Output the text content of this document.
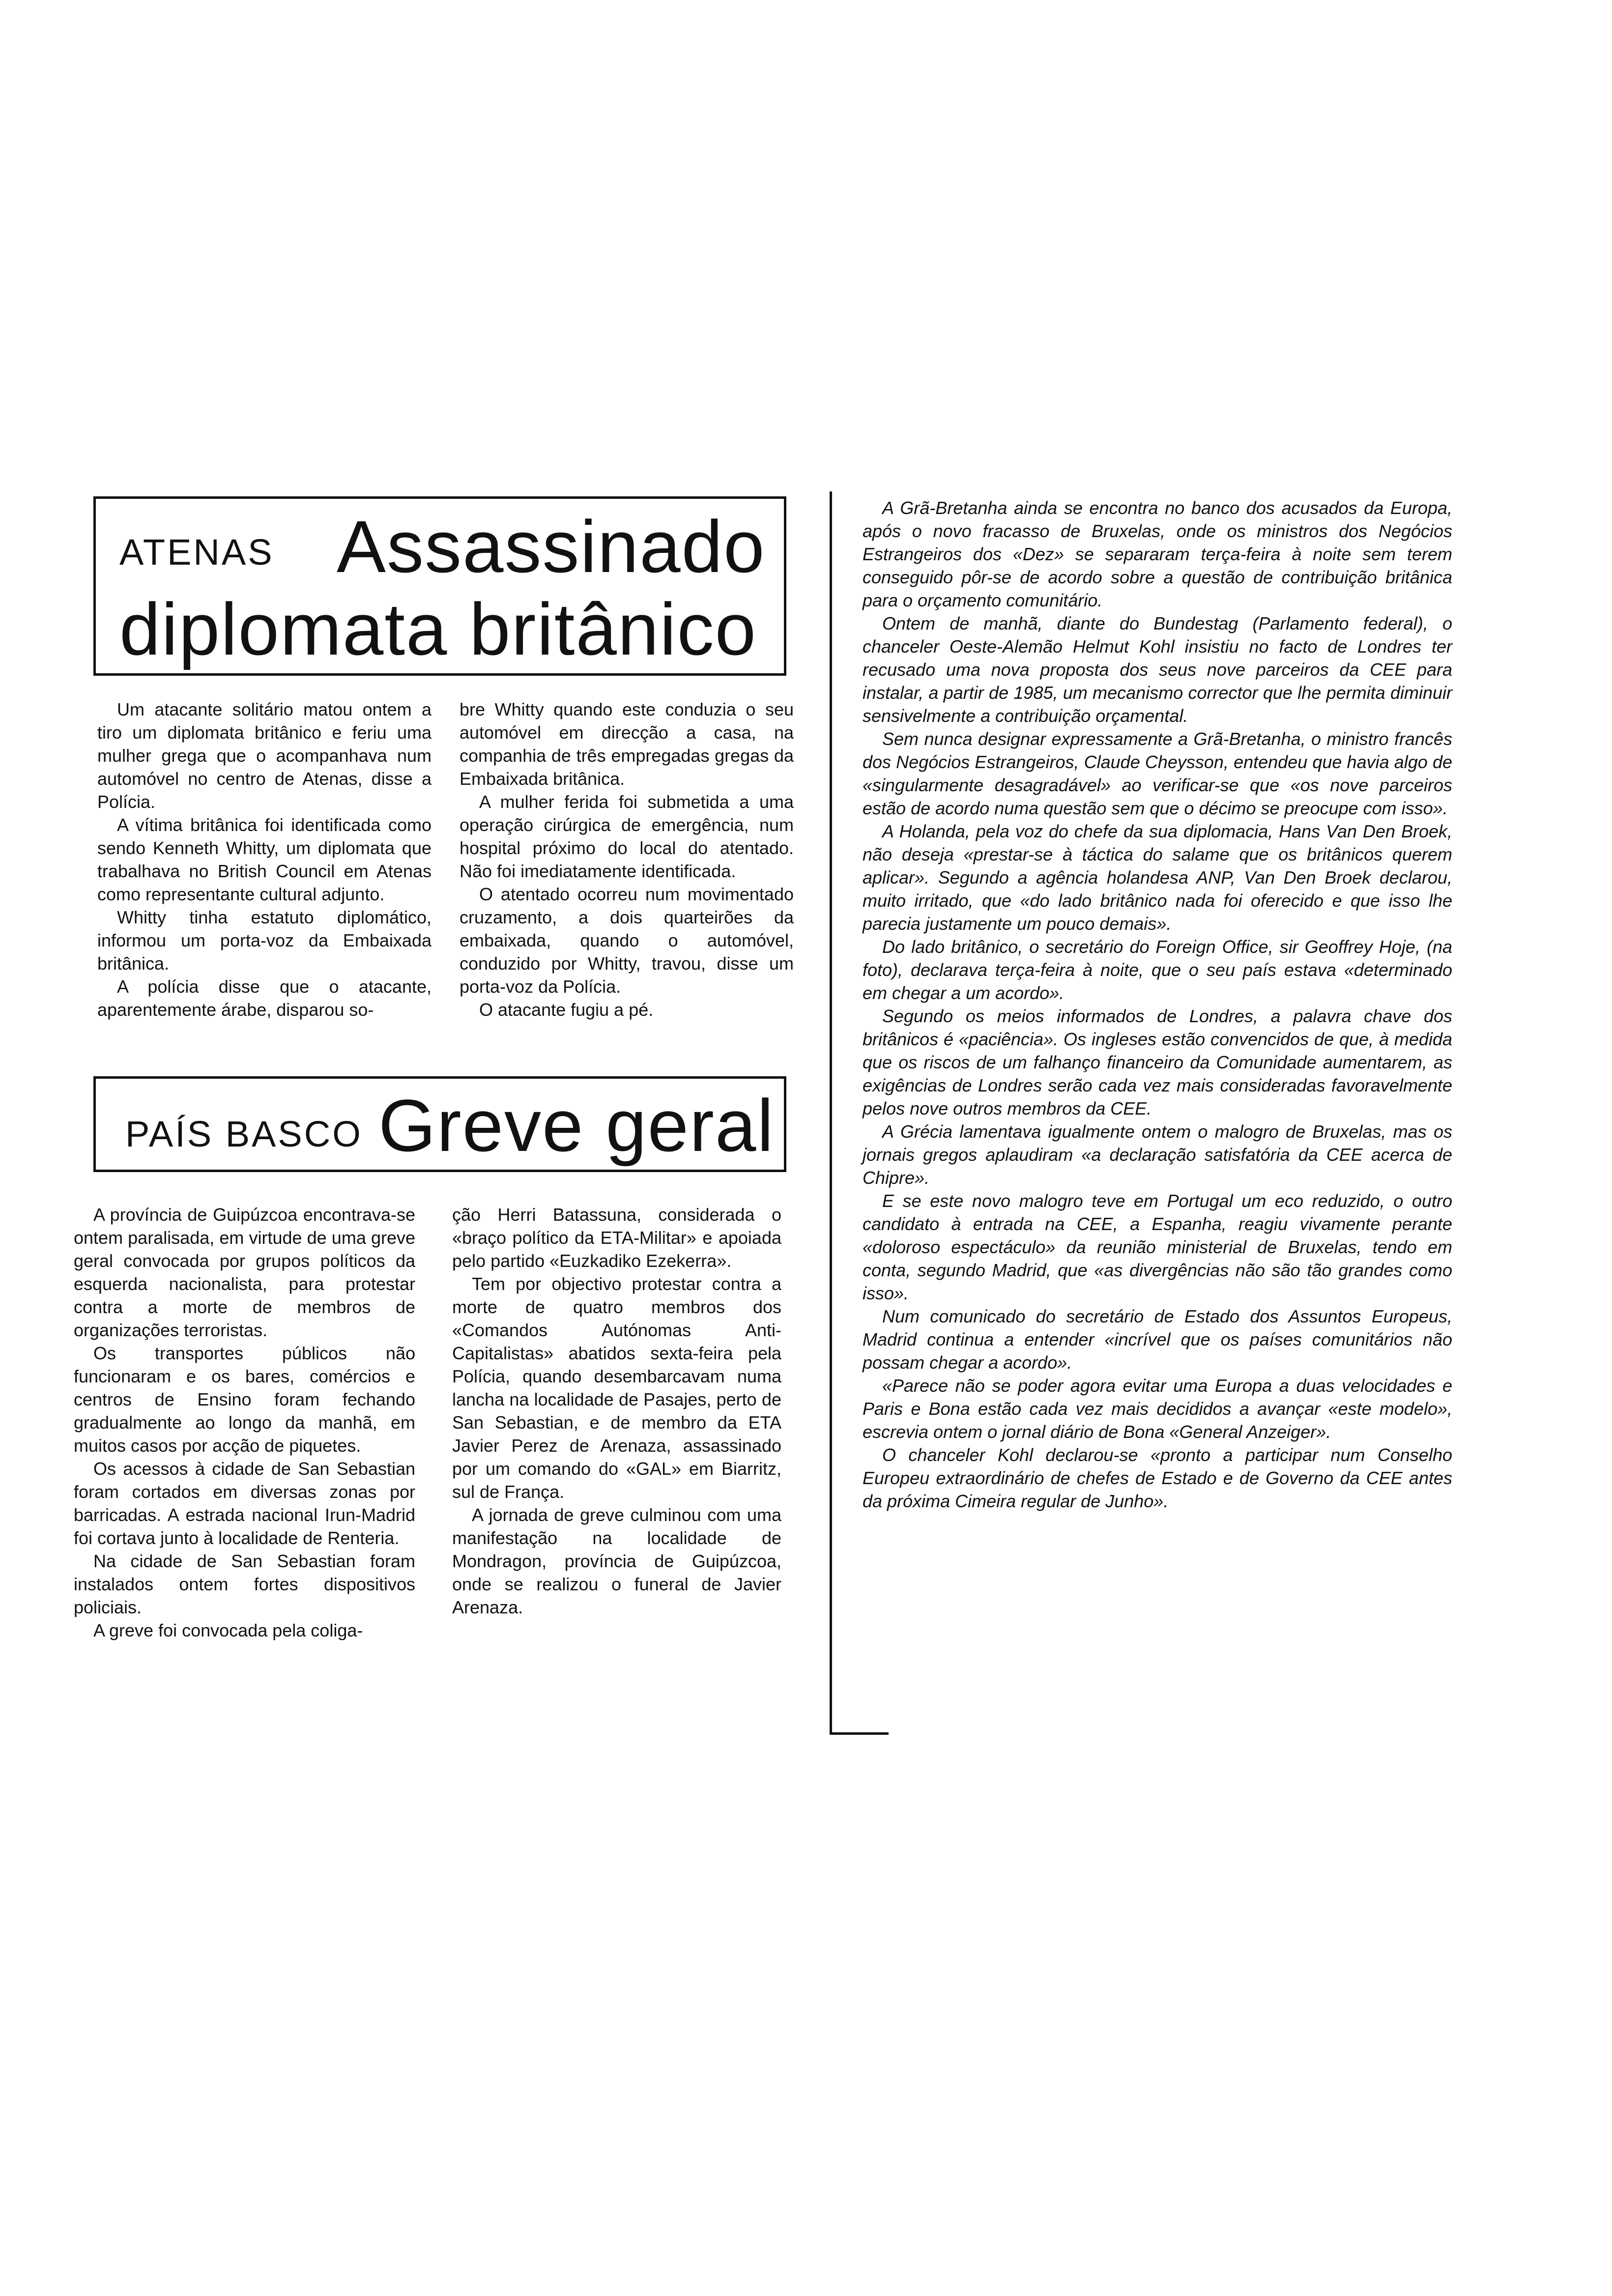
ATENAS Assassinado
diplomata britânico

Um atacante solitário matou ontem a tiro um diplomata britânico e feriu uma mulher grega que o acompanhava num automóvel no centro de Atenas, disse a Polícia.

A vítima britânica foi identificada como sendo Kenneth Whitty, um diplomata que trabalhava no British Council em Atenas como representante cultural adjunto.

Whitty tinha estatuto diplomático, informou um porta-voz da Embaixada britânica.

A polícia disse que o atacante, aparentemente árabe, disparou so-

bre Whitty quando este conduzia o seu automóvel em direcção a casa, na companhia de três empregadas gregas da Embaixada britânica.

A mulher ferida foi submetida a uma operação cirúrgica de emergência, num hospital próximo do local do atentado. Não foi imediatamente identificada.

O atentado ocorreu num movimentado cruzamento, a dois quarteirões da embaixada, quando o automóvel, conduzido por Whitty, travou, disse um porta-voz da Polícia.

O atacante fugiu a pé.

PAÍS BASCO Greve geral

A província de Guipúzcoa encontrava-se ontem paralisada, em virtude de uma greve geral convocada por grupos políticos da esquerda nacionalista, para protestar contra a morte de membros de organizações terroristas.

Os transportes públicos não funcionaram e os bares, comércios e centros de Ensino foram fechando gradualmente ao longo da manhã, em muitos casos por acção de piquetes.

Os acessos à cidade de San Sebastian foram cortados em diversas zonas por barricadas. A estrada nacional Irun-Madrid foi cortava junto à localidade de Renteria.

Na cidade de San Sebastian foram instalados ontem fortes dispositivos policiais.

A greve foi convocada pela coliga-

ção Herri Batassuna, considerada o «braço político da ETA-Militar» e apoiada pelo partido «Euzkadiko Ezekerra».

Tem por objectivo protestar contra a morte de quatro membros dos «Comandos Autónomas Anti-Capitalistas» abatidos sexta-feira pela Polícia, quando desembarcavam numa lancha na localidade de Pasajes, perto de San Sebastian, e de membro da ETA Javier Perez de Arenaza, assassinado por um comando do «GAL» em Biarritz, sul de França.

A jornada de greve culminou com uma manifestação na localidade de Mondragon, província de Guipúzcoa, onde se realizou o funeral de Javier Arenaza.

A Grã-Bretanha ainda se encontra no banco dos acusados da Europa, após o novo fracasso de Bruxelas, onde os ministros dos Negócios Estrangeiros dos «Dez» se separaram terça-feira à noite sem terem conseguido pôr-se de acordo sobre a questão de contribuição britânica para o orçamento comunitário.

Ontem de manhã, diante do Bundestag (Parlamento federal), o chanceler Oeste-Alemão Helmut Kohl insistiu no facto de Londres ter recusado uma nova proposta dos seus nove parceiros da CEE para instalar, a partir de 1985, um mecanismo corrector que lhe permita diminuir sensivelmente a contribuição orçamental.

Sem nunca designar expressamente a Grã-Bretanha, o ministro francês dos Negócios Estrangeiros, Claude Cheysson, entendeu que havia algo de «singularmente desagradável» ao verificar-se que «os nove parceiros estão de acordo numa questão sem que o décimo se preocupe com isso».

A Holanda, pela voz do chefe da sua diplomacia, Hans Van Den Broek, não deseja «prestar-se à táctica do salame que os britânicos querem aplicar». Segundo a agência holandesa ANP, Van Den Broek declarou, muito irritado, que «do lado britânico nada foi oferecido e que isso lhe parecia justamente um pouco demais».

Do lado britânico, o secretário do Foreign Office, sir Geoffrey Hoje, (na foto), declarava terça-feira à noite, que o seu país estava «determinado em chegar a um acordo».

Segundo os meios informados de Londres, a palavra chave dos britânicos é «paciência». Os ingleses estão convencidos de que, à medida que os riscos de um falhanço financeiro da Comunidade aumentarem, as exigências de Londres serão cada vez mais consideradas favoravelmente pelos nove outros membros da CEE.

A Grécia lamentava igualmente ontem o malogro de Bruxelas, mas os jornais gregos aplaudiram «a declaração satisfatória da CEE acerca de Chipre».

E se este novo malogro teve em Portugal um eco reduzido, o outro candidato à entrada na CEE, a Espanha, reagiu vivamente perante «doloroso espectáculo» da reunião ministerial de Bruxelas, tendo em conta, segundo Madrid, que «as divergências não são tão grandes como isso».

Num comunicado do secretário de Estado dos Assuntos Europeus, Madrid continua a entender «incrível que os países comunitários não possam chegar a acordo».

«Parece não se poder agora evitar uma Europa a duas velocidades e Paris e Bona estão cada vez mais decididos a avançar «este modelo», escrevia ontem o jornal diário de Bona «General Anzeiger».

O chanceler Kohl declarou-se «pronto a participar num Conselho Europeu extraordinário de chefes de Estado e de Governo da CEE antes da próxima Cimeira regular de Junho».
